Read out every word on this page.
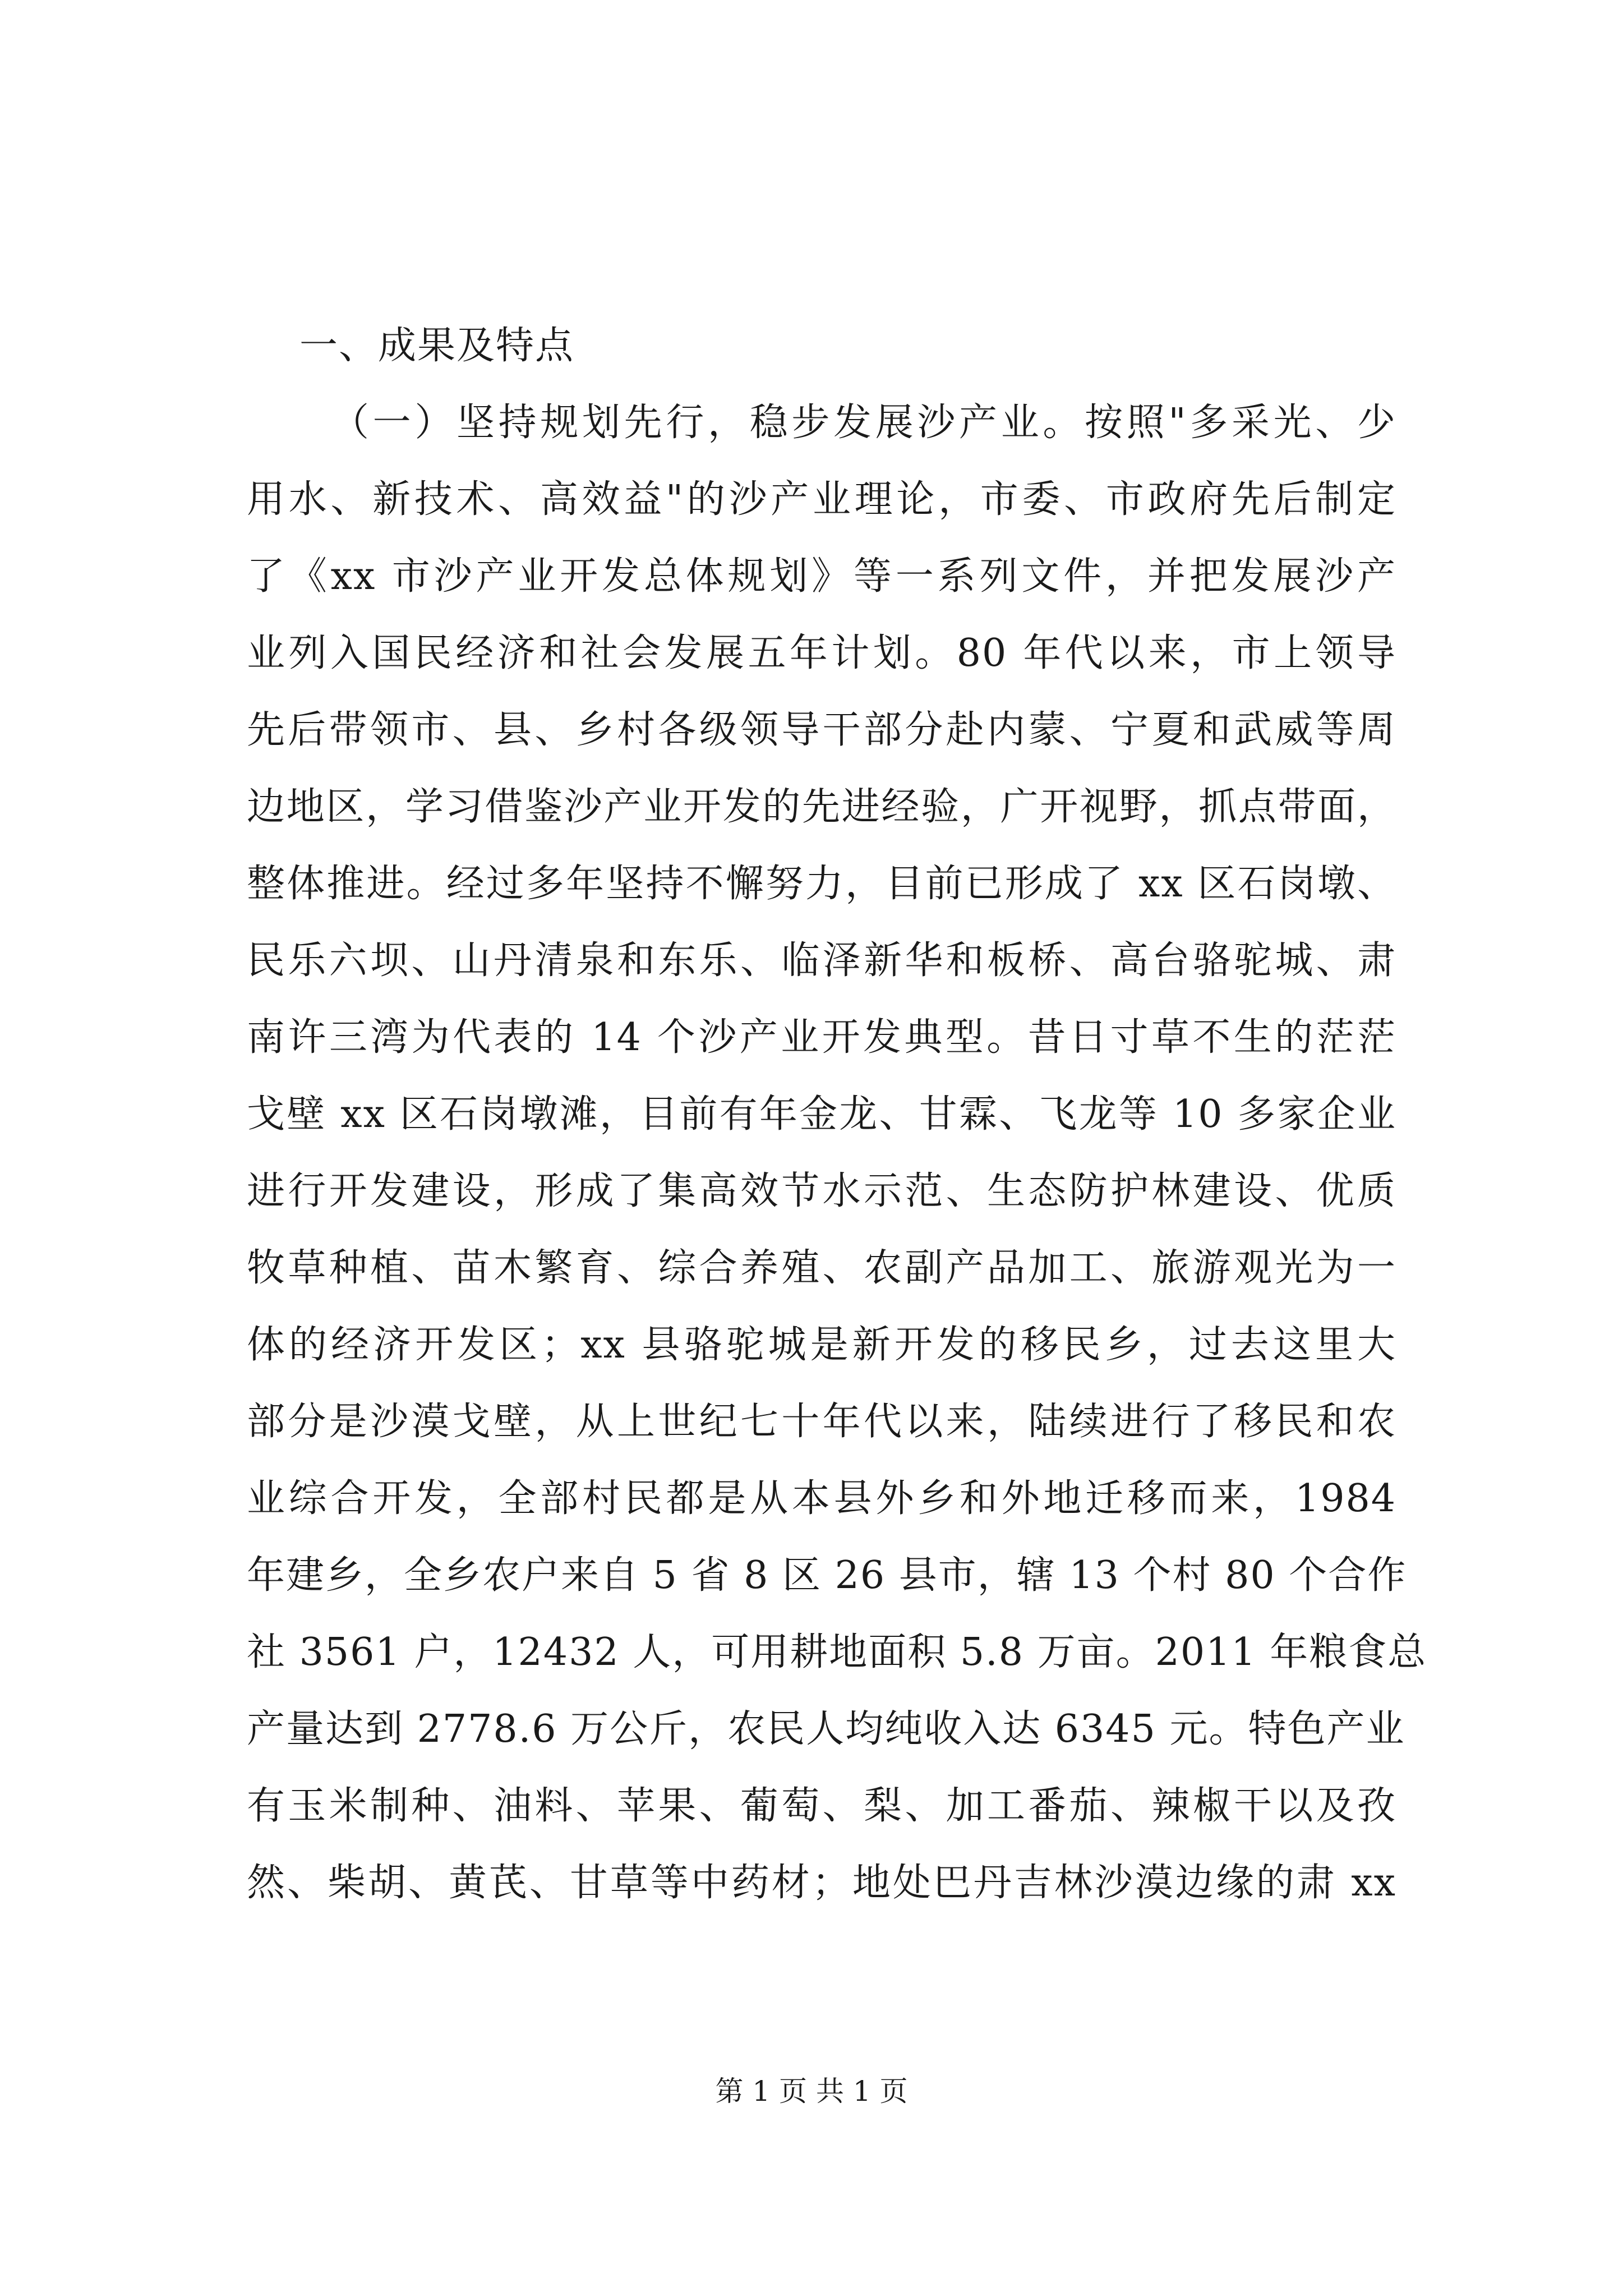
一、成果及特点
（一）坚持规划先行，稳步发展沙产业。按照"多采光、少
用水、新技术、高效益"的沙产业理论，市委、市政府先后制定
了《xx 市沙产业开发总体规划》等一系列文件，并把发展沙产
业列入国民经济和社会发展五年计划。80 年代以来，市上领导
先后带领市、县、乡村各级领导干部分赴内蒙、宁夏和武威等周
边地区，学习借鉴沙产业开发的先进经验，广开视野，抓点带面，
整体推进。经过多年坚持不懈努力，目前已形成了 xx 区石岗墩、
民乐六坝、山丹清泉和东乐、临泽新华和板桥、高台骆驼城、肃
南许三湾为代表的 14 个沙产业开发典型。昔日寸草不生的茫茫
戈壁 xx 区石岗墩滩，目前有年金龙、甘霖、飞龙等 10 多家企业
进行开发建设，形成了集高效节水示范、生态防护林建设、优质
牧草种植、苗木繁育、综合养殖、农副产品加工、旅游观光为一
体的经济开发区；xx 县骆驼城是新开发的移民乡，过去这里大
部分是沙漠戈壁，从上世纪七十年代以来，陆续进行了移民和农
业综合开发，全部村民都是从本县外乡和外地迁移而来，1984
年建乡，全乡农户来自 5 省 8 区 26 县市，辖 13 个村 80 个合作
社 3561 户，12432 人，可用耕地面积 5.8 万亩。2011 年粮食总
产量达到 2778.6 万公斤，农民人均纯收入达 6345 元。特色产业
有玉米制种、油料、苹果、葡萄、梨、加工番茄、辣椒干以及孜
然、柴胡、黄芪、甘草等中药材；地处巴丹吉林沙漠边缘的肃 xx
第 1 页 共 1 页
